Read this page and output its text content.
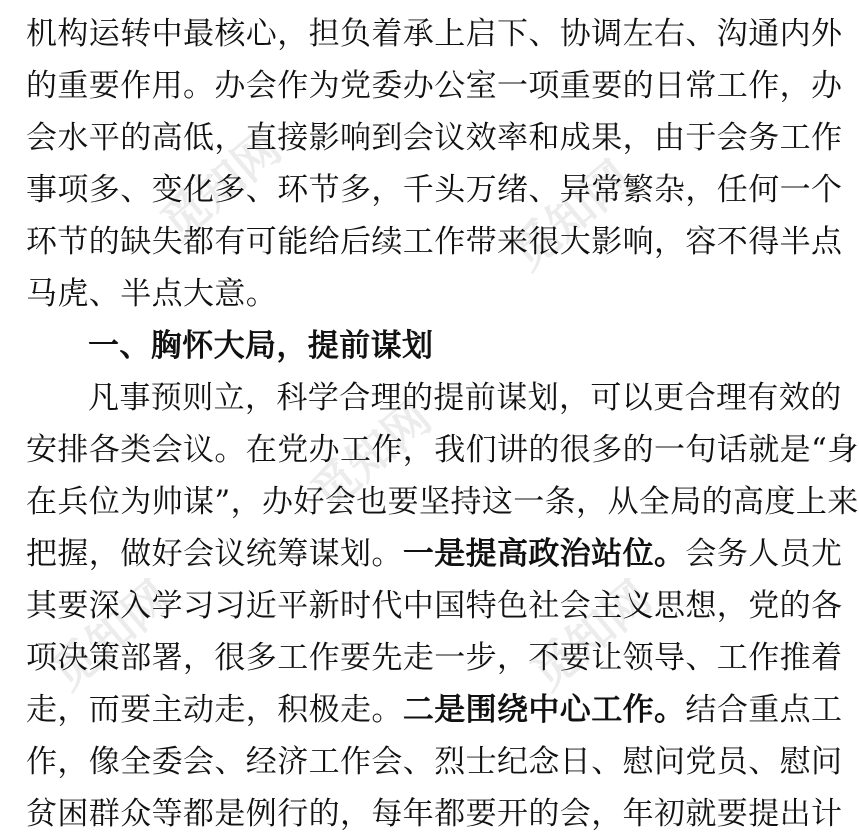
觅知网	觅知网
觅知网
觅知网	觅知网
机构运转中最核心，担负着承上启下、协调左右、沟通内外
的重要作用。办会作为党委办公室一项重要的日常工作，办
会水平的高低，直接影响到会议效率和成果，由于会务工作
事项多、变化多、环节多，千头万绪、异常繁杂，任何一个
环节的缺失都有可能给后续工作带来很大影响，容不得半点
马虎、半点大意。
一、胸怀大局，提前谋划
凡事预则立，科学合理的提前谋划，可以更合理有效的
安排各类会议。在党办工作，我们讲的很多的一句话就是“身
在兵位为帅谋”，办好会也要坚持这一条，从全局的高度上来
把握，做好会议统筹谋划。一是提高政治站位。会务人员尤
其要深入学习习近平新时代中国特色社会主义思想，党的各
项决策部署，很多工作要先走一步，不要让领导、工作推着
走，而要主动走，积极走。二是围绕中心工作。结合重点工
作，像全委会、经济工作会、烈士纪念日、慰问党员、慰问
贫困群众等都是例行的，每年都要开的会，年初就要提出计
